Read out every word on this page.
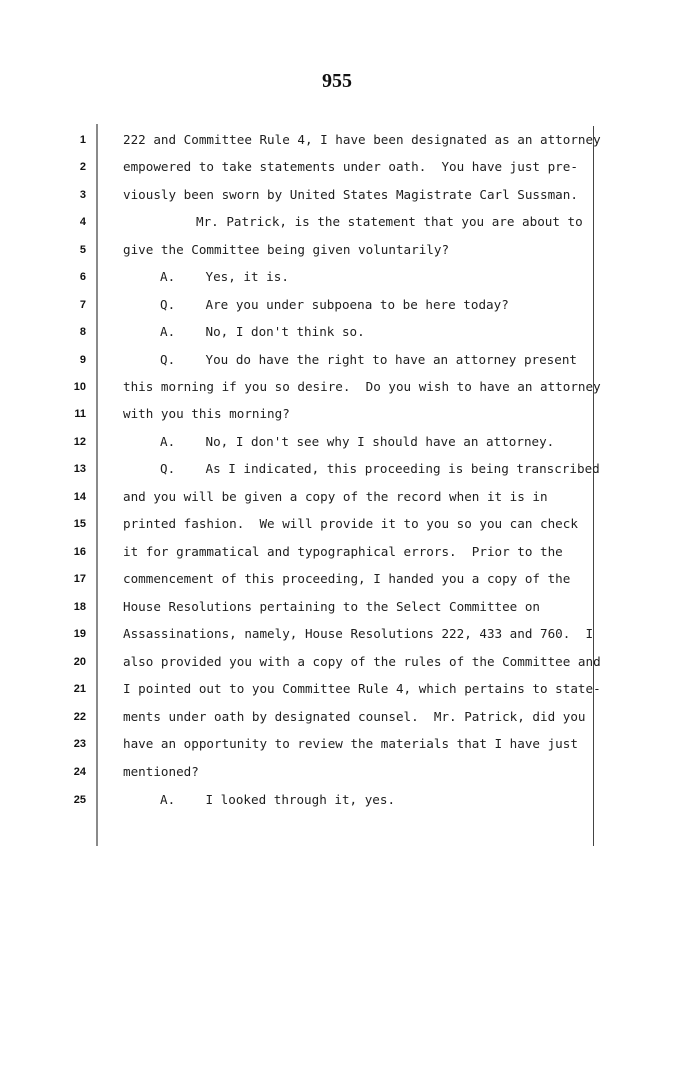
955
1
2
3
4
5
6
7
8
9
10
11
12
13
14
15
16
17
18
19
20
21
22
23
24
25
222 and Committee Rule 4, I have been designated as an attorney
empowered to take statements under oath.  You have just pre-
viously been sworn by United States Magistrate Carl Sussman.
Mr. Patrick, is the statement that you are about to
give the Committee being given voluntarily?
A.    Yes, it is.
Q.    Are you under subpoena to be here today?
A.    No, I don't think so.
Q.    You do have the right to have an attorney present
this morning if you so desire.  Do you wish to have an attorney
with you this morning?
A.    No, I don't see why I should have an attorney.
Q.    As I indicated, this proceeding is being transcribed
and you will be given a copy of the record when it is in
printed fashion.  We will provide it to you so you can check
it for grammatical and typographical errors.  Prior to the
commencement of this proceeding, I handed you a copy of the
House Resolutions pertaining to the Select Committee on
Assassinations, namely, House Resolutions 222, 433 and 760.  I
also provided you with a copy of the rules of the Committee and
I pointed out to you Committee Rule 4, which pertains to state-
ments under oath by designated counsel.  Mr. Patrick, did you
have an opportunity to review the materials that I have just
mentioned?
A.    I looked through it, yes.
